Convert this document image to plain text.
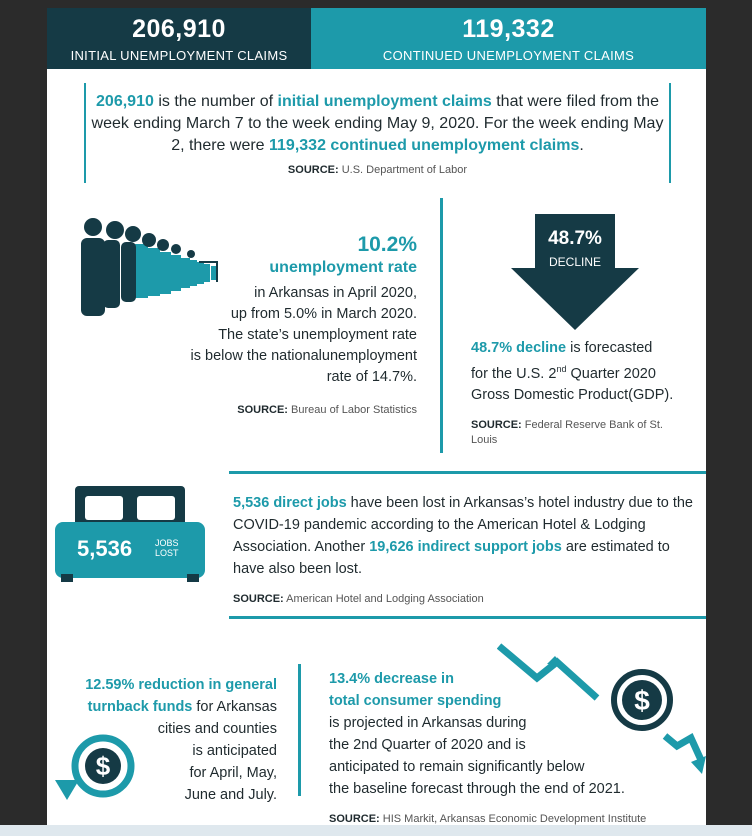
206,910
INITIAL UNEMPLOYMENT CLAIMS
119,332
CONTINUED UNEMPLOYMENT CLAIMS

206,910 is the number of initial unemployment claims that were filed from the week ending March 7 to the week ending May 9, 2020. For the week ending May 2, there were 119,332 continued unemployment claims.

SOURCE: U.S. Department of Labor
10.2%
unemployment rate
in Arkansas in April 2020,
up from 5.0% in March 2020.
The state’s unemployment rate
is below the nationalunemployment
rate of 14.7%.
SOURCE: Bureau of Labor Statistics
48.7%
DECLINE
48.7% decline is forecasted
for the U.S. 2nd Quarter 2020
Gross Domestic Product(GDP).
SOURCE: Federal Reserve Bank of St. Louis
5,536	JOBS
LOST
5,536 direct jobs have been lost in Arkansas’s hotel industry due to the COVID-19 pandemic according to the American Hotel & Lodging Association. Another 19,626 indirect support jobs are estimated to have also been lost.
SOURCE: American Hotel and Lodging Association
12.59% reduction in general
turnback funds for Arkansas
cities and counties
is anticipated
for April, May,
June and July.
$
$
13.4% decrease in
total consumer spending
is projected in Arkansas during
the 2nd Quarter of 2020 and is
anticipated to remain significantly below
the baseline forecast through the end of 2021.
SOURCE: HIS Markit, Arkansas Economic Development Institute
